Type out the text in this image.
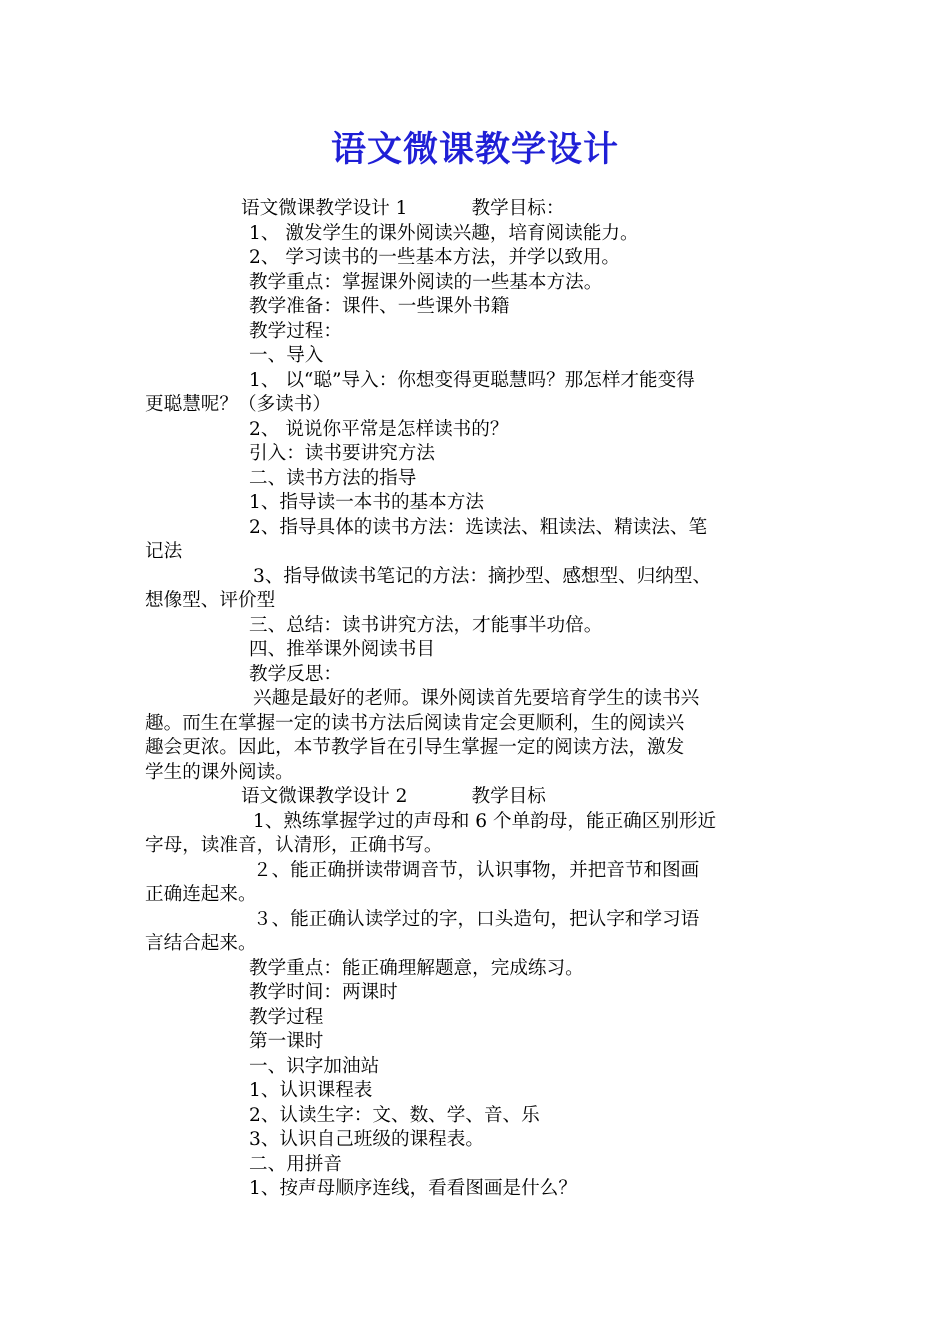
语文微课教学设计
语文微课教学设计 1	教学目标：
1、 激发学生的课外阅读兴趣，培育阅读能力。
2、 学习读书的一些基本方法，并学以致用。
教学重点：掌握课外阅读的一些基本方法。
教学准备：课件、一些课外书籍
教学过程：
一、导入
1、 以“聪”导入：你想变得更聪慧吗？那怎样才能变得
更聪慧呢？（多读书）
2、 说说你平常是怎样读书的？
引入：读书要讲究方法
二、读书方法的指导
1、指导读一本书的基本方法
2、指导具体的读书方法：选读法、粗读法、精读法、笔
记法
3、指导做读书笔记的方法：摘抄型、感想型、归纳型、
想像型、评价型
三、总结：读书讲究方法，才能事半功倍。
四、推举课外阅读书目
教学反思：
兴趣是最好的老师。课外阅读首先要培育学生的读书兴
趣。而生在掌握一定的读书方法后阅读肯定会更顺利，生的阅读兴
趣会更浓。因此，本节教学旨在引导生掌握一定的阅读方法，激发
学生的课外阅读。
语文微课教学设计 2	教学目标
1、熟练掌握学过的声母和 6 个单韵母，能正确区别形近
字母，读准音，认清形，正确书写。
２、能正确拼读带调音节，认识事物，并把音节和图画
正确连起来。
３、能正确认读学过的字，口头造句，把认字和学习语
言结合起来。
教学重点：能正确理解题意，完成练习。
教学时间：两课时
教学过程
第一课时
一、识字加油站
1、认识课程表
2、认读生字：文、数、学、音、乐
3、认识自己班级的课程表。
二、用拼音
1、按声母顺序连线，看看图画是什么？
